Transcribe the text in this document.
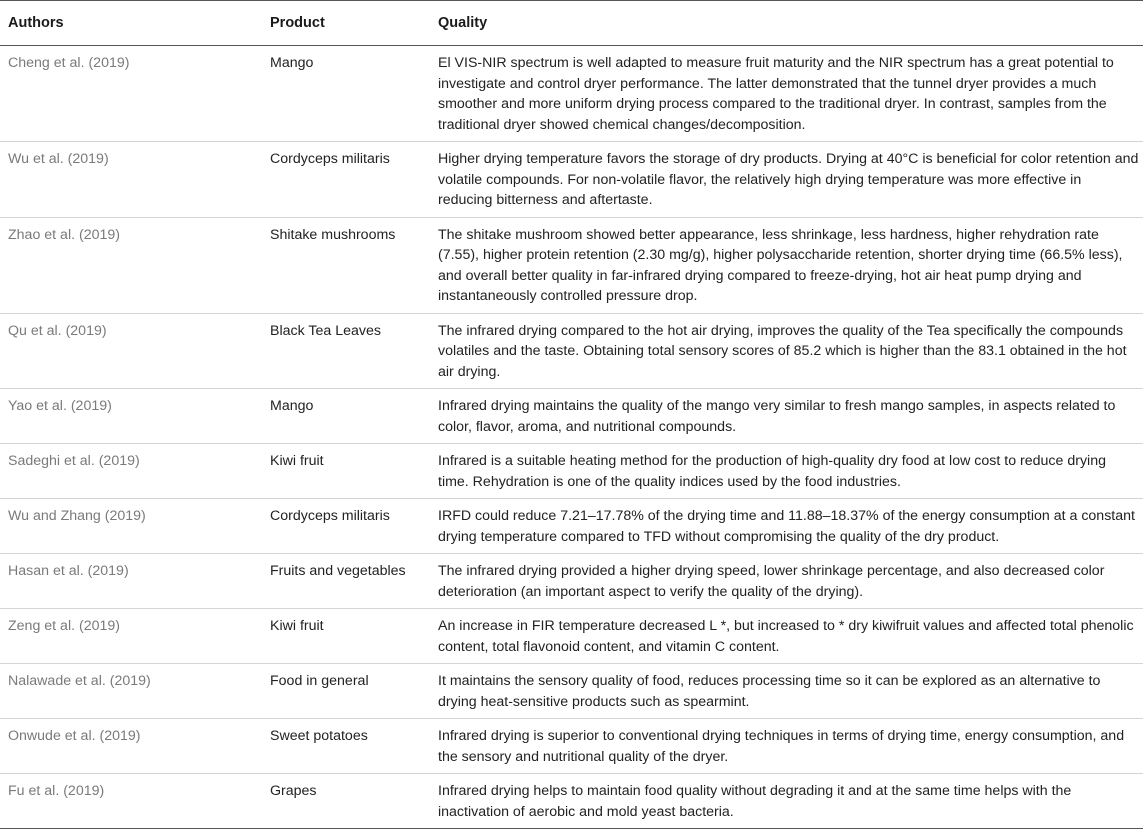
Authors	Product	Quality
Cheng et al. (2019)	Mango	El VIS-NIR spectrum is well adapted to measure fruit maturity and the NIR spectrum has a great potential to investigate and control dryer performance. The latter demonstrated that the tunnel dryer provides a much smoother and more uniform drying process compared to the traditional dryer. In contrast, samples from the traditional dryer showed chemical changes/decomposition.
Wu et al. (2019)	Cordyceps militaris	Higher drying temperature favors the storage of dry products. Drying at 40°C is beneficial for color retention and volatile compounds. For non-volatile flavor, the relatively high drying temperature was more effective in reducing bitterness and aftertaste.
Zhao et al. (2019)	Shitake mushrooms	The shitake mushroom showed better appearance, less shrinkage, less hardness, higher rehydration rate (7.55), higher protein retention (2.30 mg/g), higher polysaccharide retention, shorter drying time (66.5% less), and overall better quality in far-infrared drying compared to freeze-drying, hot air heat pump drying and instantaneously controlled pressure drop.
Qu et al. (2019)	Black Tea Leaves	The infrared drying compared to the hot air drying, improves the quality of the Tea specifically the compounds volatiles and the taste. Obtaining total sensory scores of 85.2 which is higher than the 83.1 obtained in the hot air drying.
Yao et al. (2019)	Mango	Infrared drying maintains the quality of the mango very similar to fresh mango samples, in aspects related to color, flavor, aroma, and nutritional compounds.
Sadeghi et al. (2019)	Kiwi fruit	Infrared is a suitable heating method for the production of high-quality dry food at low cost to reduce drying time. Rehydration is one of the quality indices used by the food industries.
Wu and Zhang (2019)	Cordyceps militaris	IRFD could reduce 7.21–17.78% of the drying time and 11.88–18.37% of the energy consumption at a constant drying temperature compared to TFD without compromising the quality of the dry product.
Hasan et al. (2019)	Fruits and vegetables	The infrared drying provided a higher drying speed, lower shrinkage percentage, and also decreased color deterioration (an important aspect to verify the quality of the drying).
Zeng et al. (2019)	Kiwi fruit	An increase in FIR temperature decreased L *, but increased to * dry kiwifruit values and affected total phenolic content, total flavonoid content, and vitamin C content.
Nalawade et al. (2019)	Food in general	It maintains the sensory quality of food, reduces processing time so it can be explored as an alternative to drying heat-sensitive products such as spearmint.
Onwude et al. (2019)	Sweet potatoes	Infrared drying is superior to conventional drying techniques in terms of drying time, energy consumption, and the sensory and nutritional quality of the dryer.
Fu et al. (2019)	Grapes	Infrared drying helps to maintain food quality without degrading it and at the same time helps with the inactivation of aerobic and mold yeast bacteria.
